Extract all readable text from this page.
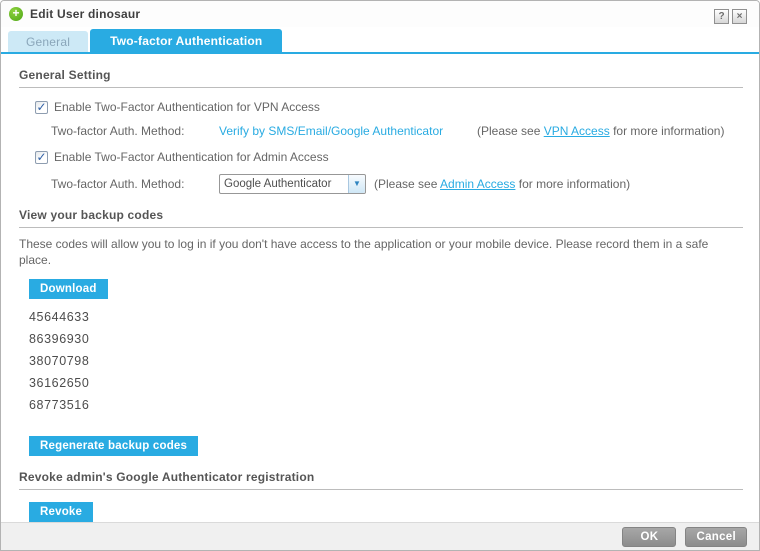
+ Edit User dinosaur	?	×
General	Two-factor Authentication
General Setting
✓ Enable Two-Factor Authentication for VPN Access
Two-factor Auth. Method:	Verify by SMS/Email/Google Authenticator	(Please see VPN Access for more information)
✓ Enable Two-Factor Authentication for Admin Access
Two-factor Auth. Method:	Google Authenticator	▼	(Please see Admin Access for more information)
View your backup codes
These codes will allow you to log in if you don't have access to the application or your mobile device. Please record them in a safe place.
Download
45644633
86396930
38070798
36162650
68773516
Regenerate backup codes
Revoke admin's Google Authenticator registration
Revoke
OK	Cancel
